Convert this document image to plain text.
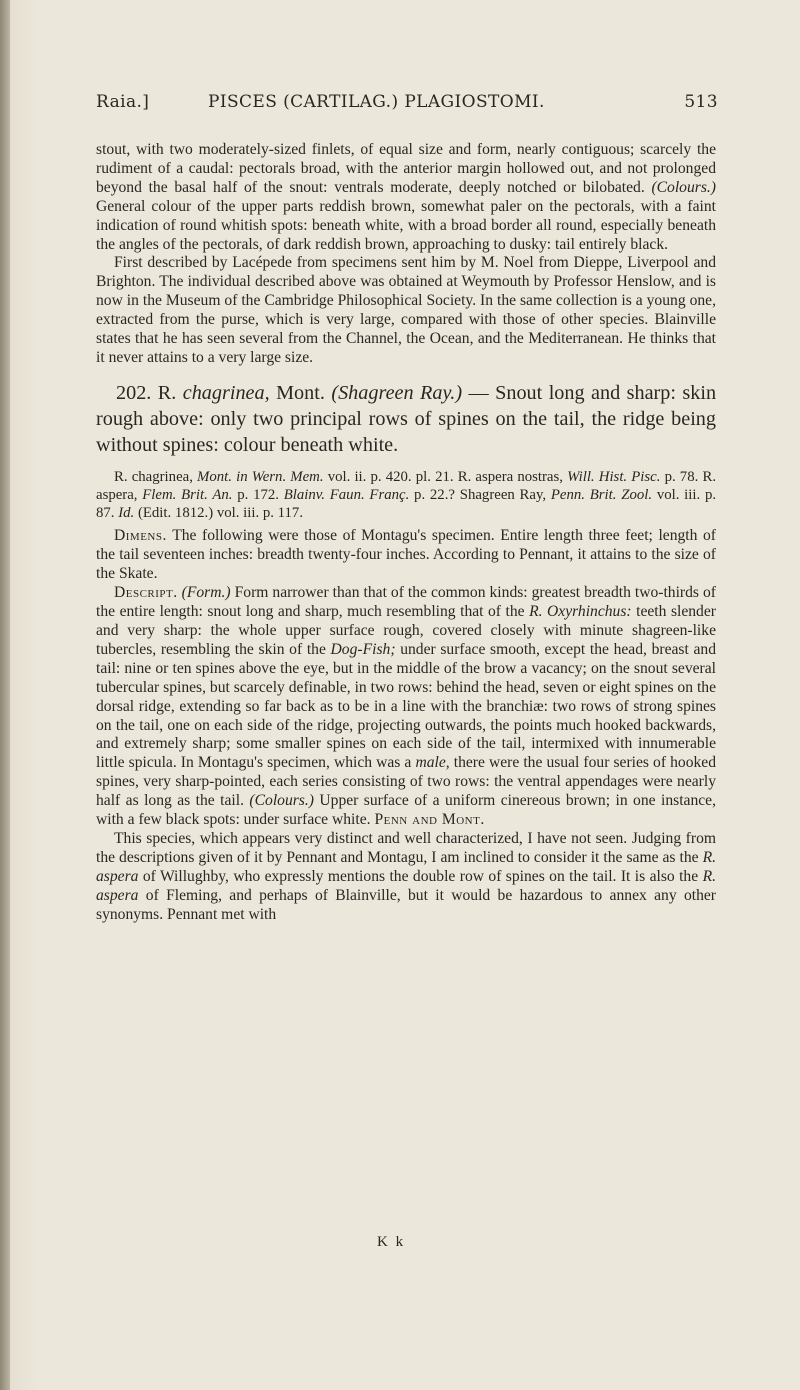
Raia.]	PISCES (CARTILAG.) PLAGIOSTOMI.	513

stout, with two moderately-sized finlets, of equal size and form, nearly contiguous; scarcely the rudiment of a caudal: pectorals broad, with the anterior margin hollowed out, and not prolonged beyond the basal half of the snout: ventrals moderate, deeply notched or bilobated. (Colours.) General colour of the upper parts reddish brown, somewhat paler on the pectorals, with a faint indication of round whitish spots: beneath white, with a broad border all round, especially beneath the angles of the pectorals, of dark reddish brown, approaching to dusky: tail entirely black.

First described by Lacépede from specimens sent him by M. Noel from Dieppe, Liverpool and Brighton. The individual described above was obtained at Weymouth by Professor Henslow, and is now in the Museum of the Cambridge Philosophical Society. In the same collection is a young one, extracted from the purse, which is very large, compared with those of other species. Blainville states that he has seen several from the Channel, the Ocean, and the Mediterranean. He thinks that it never attains to a very large size.

202. R. chagrinea, Mont. (Shagreen Ray.) — Snout long and sharp: skin rough above: only two principal rows of spines on the tail, the ridge being without spines: colour beneath white.

R. chagrinea, Mont. in Wern. Mem. vol. ii. p. 420. pl. 21. R. aspera nostras, Will. Hist. Pisc. p. 78. R. aspera, Flem. Brit. An. p. 172. Blainv. Faun. Franç. p. 22.? Shagreen Ray, Penn. Brit. Zool. vol. iii. p. 87. Id. (Edit. 1812.) vol. iii. p. 117.

Dimens. The following were those of Montagu's specimen. Entire length three feet; length of the tail seventeen inches: breadth twenty-four inches. According to Pennant, it attains to the size of the Skate.

Descript. (Form.) Form narrower than that of the common kinds: greatest breadth two-thirds of the entire length: snout long and sharp, much resembling that of the R. Oxyrhinchus: teeth slender and very sharp: the whole upper surface rough, covered closely with minute shagreen-like tubercles, resembling the skin of the Dog-Fish; under surface smooth, except the head, breast and tail: nine or ten spines above the eye, but in the middle of the brow a vacancy; on the snout several tubercular spines, but scarcely definable, in two rows: behind the head, seven or eight spines on the dorsal ridge, extending so far back as to be in a line with the branchiæ: two rows of strong spines on the tail, one on each side of the ridge, projecting outwards, the points much hooked backwards, and extremely sharp; some smaller spines on each side of the tail, intermixed with innumerable little spicula. In Montagu's specimen, which was a male, there were the usual four series of hooked spines, very sharp-pointed, each series consisting of two rows: the ventral appendages were nearly half as long as the tail. (Colours.) Upper surface of a uniform cinereous brown; in one instance, with a few black spots: under surface white. Penn and Mont.

This species, which appears very distinct and well characterized, I have not seen. Judging from the descriptions given of it by Pennant and Montagu, I am inclined to consider it the same as the R. aspera of Willughby, who expressly mentions the double row of spines on the tail. It is also the R. aspera of Fleming, and perhaps of Blainville, but it would be hazardous to annex any other synonyms. Pennant met with

K k
